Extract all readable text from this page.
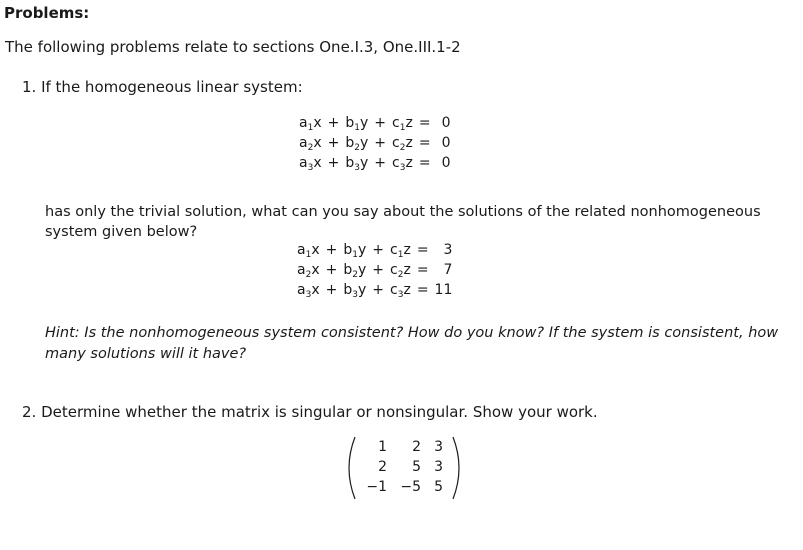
Problems:
The following problems relate to sections One.I.3, One.III.1-2
1. If the homogeneous linear system:
$a_1x$	+	$b_1y$	+	$c_1z$	=	0
$a_2x$	+	$b_2y$	+	$c_2z$	=	0
$a_3x$	+	$b_3y$	+	$c_3z$	=	0
has only the trivial solution, what can you say about the solutions of the related nonhomogeneous system given below?
$a_1x$	+	$b_1y$	+	$c_1z$	=	3
$a_2x$	+	$b_2y$	+	$c_2z$	=	7
$a_3x$	+	$b_3y$	+	$c_3z$	=	11
Hint: Is the nonhomogeneous system consistent? How do you know? If the system is consistent, how many solutions will it have?
2. Determine whether the matrix is singular or nonsingular. Show your work.
1	2	3
2	5	3
−1	−5	5
